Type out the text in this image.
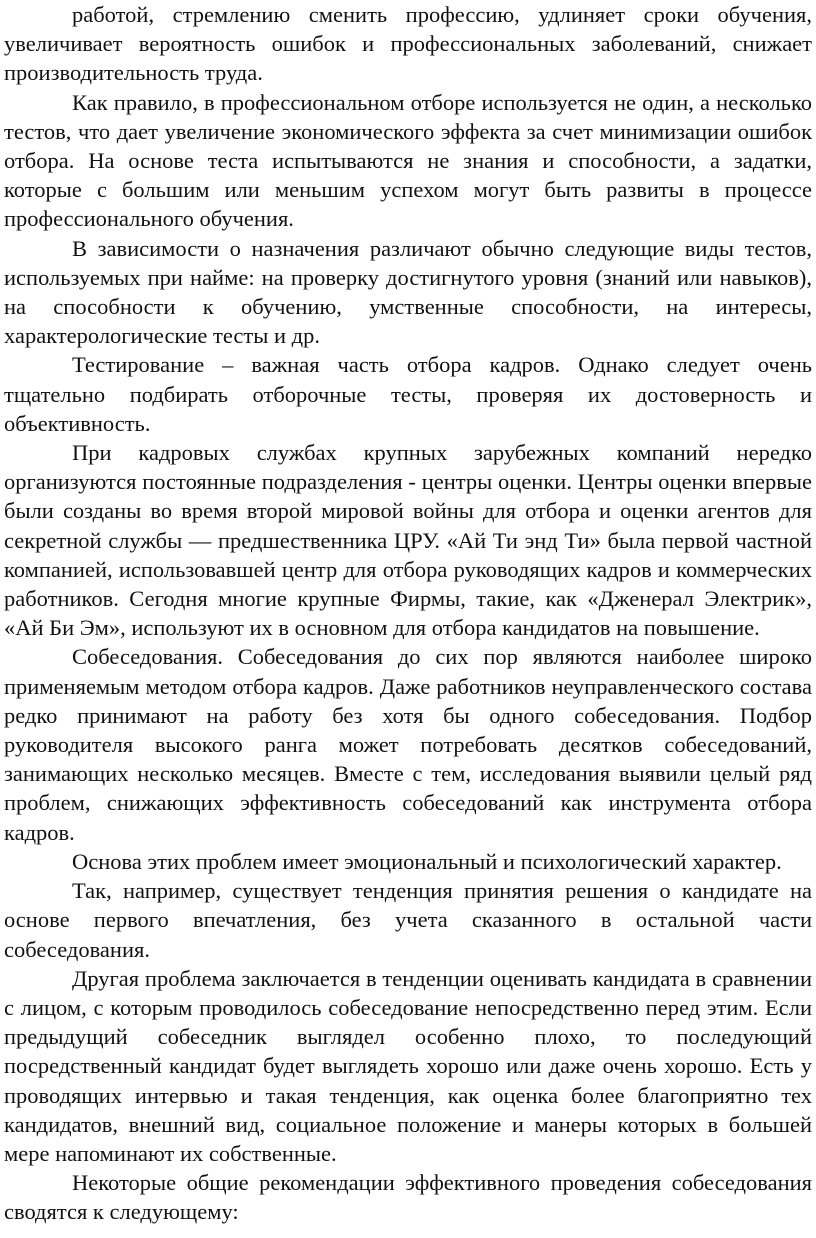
работой, стремлению сменить профессию, удлиняет сроки обучения, увеличивает вероятность ошибок и профессиональных заболеваний, снижает производительность труда.

Как правило, в профессиональном отборе используется не один, а несколько тестов, что дает увеличение экономического эффекта за счет минимизации ошибок отбора. На основе теста испытываются не знания и способности, а задатки, которые с большим или меньшим успехом могут быть развиты в процессе профессионального обучения.

В зависимости о назначения различают обычно следующие виды тестов, используемых при найме: на проверку достигнутого уровня (знаний или навыков), на способности к обучению, умственные способности, на интересы, характерологические тесты и др.

Тестирование – важная часть отбора кадров. Однако следует очень тщательно подбирать отборочные тесты, проверяя их достоверность и объективность.

При кадровых службах крупных зарубежных компаний нередко организуются постоянные подразделения - центры оценки. Центры оценки впервые были созданы во время второй мировой войны для отбора и оценки агентов для секретной службы — предшественника ЦРУ. «Ай Ти энд Ти» была первой частной компанией, использовавшей центр для отбора руководящих кадров и коммерческих работников. Сегодня многие крупные Фирмы, такие, как «Дженерал Электрик», «Ай Би Эм», используют их в основном для отбора кандидатов на повышение.

Собеседования. Собеседования до сих пор являются наиболее широко применяемым методом отбора кадров. Даже работников неуправленческого состава редко принимают на работу без хотя бы одного собеседования. Подбор руководителя высокого ранга может потребовать десятков собеседований, занимающих несколько месяцев. Вместе с тем, исследования выявили целый ряд проблем, снижающих эффективность собеседований как инструмента отбора кадров.

Основа этих проблем имеет эмоциональный и психологический характер.

Так, например, существует тенденция принятия решения о кандидате на основе первого впечатления, без учета сказанного в остальной части собеседования.

Другая проблема заключается в тенденции оценивать кандидата в сравнении с лицом, с которым проводилось собеседование непосредственно перед этим. Если предыдущий собеседник выглядел особенно плохо, то последующий посредственный кандидат будет выглядеть хорошо или даже очень хорошо. Есть у проводящих интервью и такая тенденция, как оценка более благоприятно тех кандидатов, внешний вид, социальное положение и манеры которых в большей мере напоминают их собственные.

Некоторые общие рекомендации эффективного проведения собеседования сводятся к следующему:
